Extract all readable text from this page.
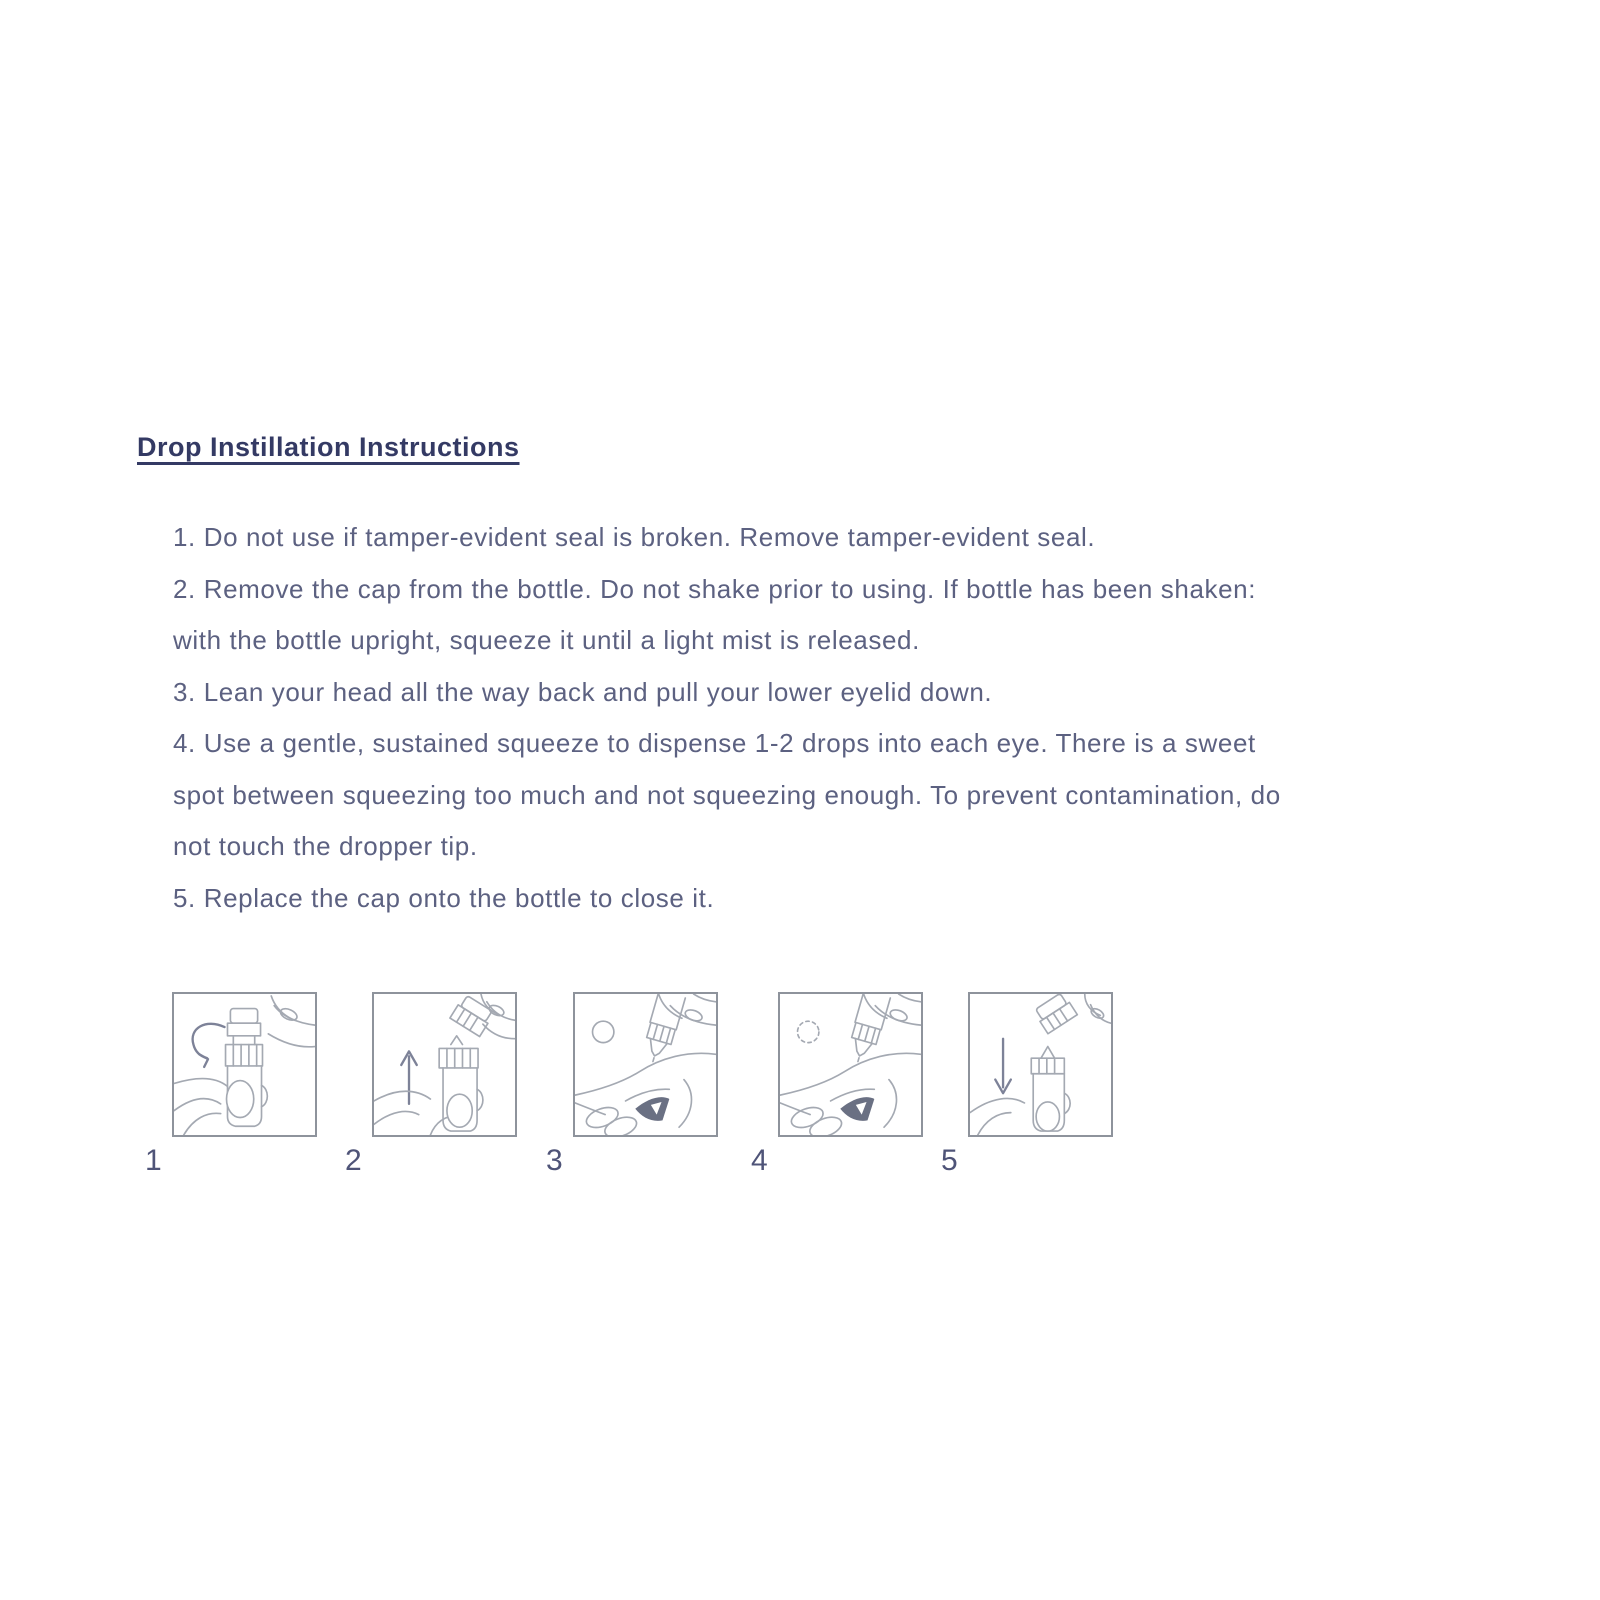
Drop Instillation Instructions

1. Do not use if tamper-evident seal is broken. Remove tamper-evident seal.

2. Remove the cap from the bottle. Do not shake prior to using. If bottle has been shaken:

with the bottle upright, squeeze it until a light mist is released.

3. Lean your head all the way back and pull your lower eyelid down.

4. Use a gentle, sustained squeeze to dispense 1-2 drops into each eye. There is a sweet

spot between squeezing too much and not squeezing enough. To prevent contamination, do

not touch the dropper tip.

5. Replace the cap onto the bottle to close it.

1	2	3	4	5
